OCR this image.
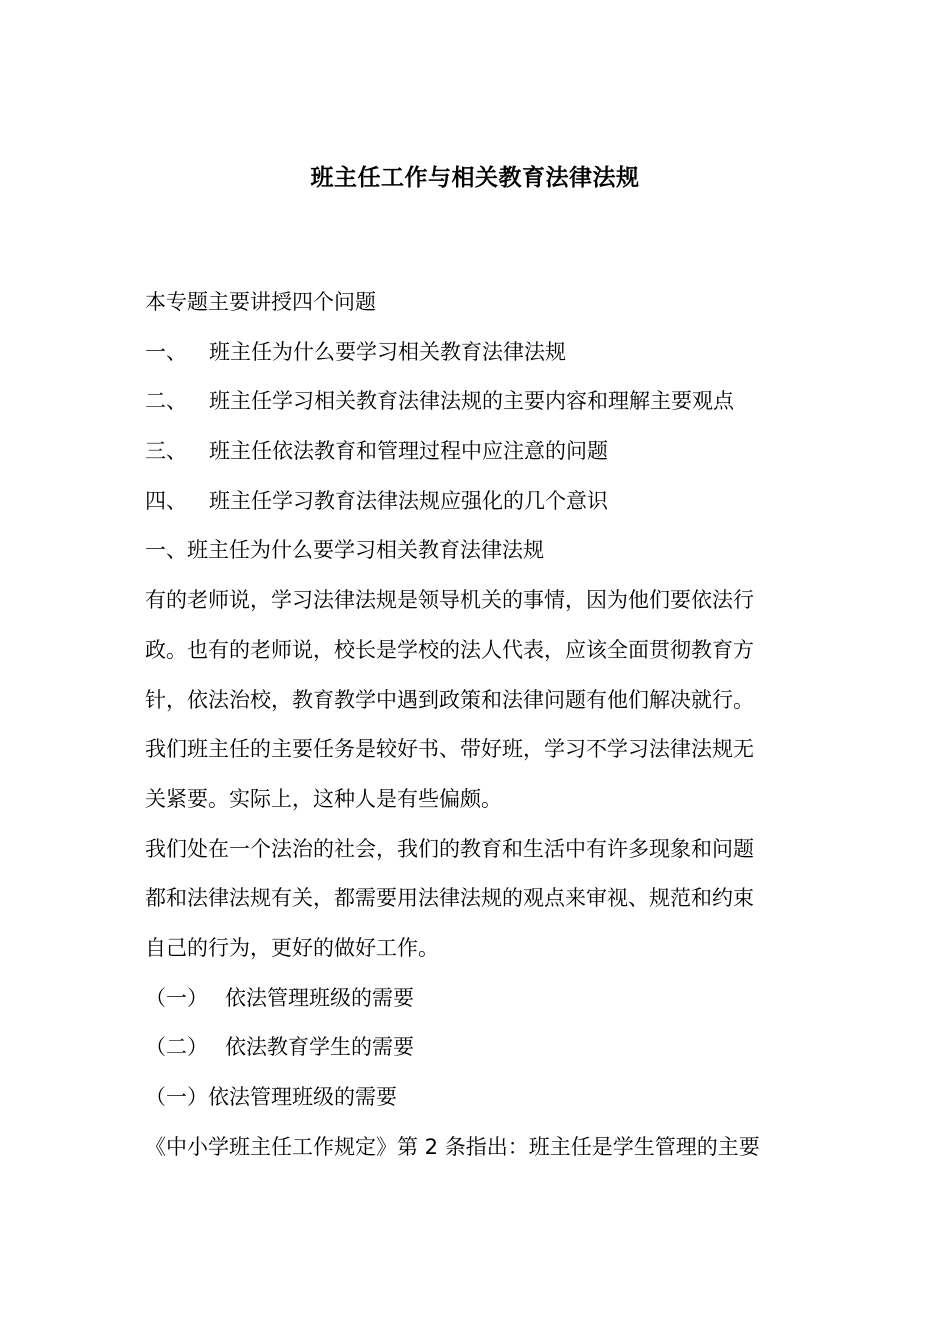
班主任工作与相关教育法律法规
本专题主要讲授四个问题
一、 班主任为什么要学习相关教育法律法规
二、 班主任学习相关教育法律法规的主要内容和理解主要观点
三、 班主任依法教育和管理过程中应注意的问题
四、 班主任学习教育法律法规应强化的几个意识
一、班主任为什么要学习相关教育法律法规
有的老师说，学习法律法规是领导机关的事情，因为他们要依法行
政。也有的老师说，校长是学校的法人代表，应该全面贯彻教育方
针，依法治校，教育教学中遇到政策和法律问题有他们解决就行。
我们班主任的主要任务是较好书、带好班，学习不学习法律法规无
关紧要。实际上，这种人是有些偏颇。
我们处在一个法治的社会，我们的教育和生活中有许多现象和问题
都和法律法规有关，都需要用法律法规的观点来审视、规范和约束
自己的行为，更好的做好工作。
（一） 依法管理班级的需要
（二） 依法教育学生的需要
（一）依法管理班级的需要
《中小学班主任工作规定》第 2 条指出：班主任是学生管理的主要
